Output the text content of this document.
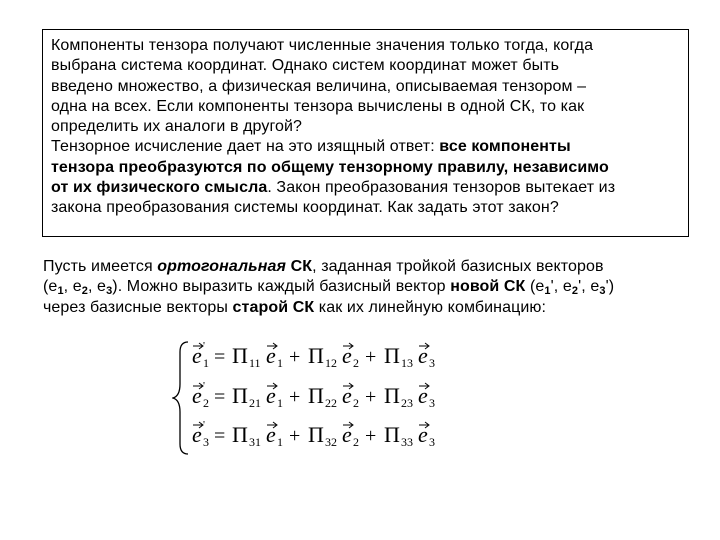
Компоненты тензора получают численные значения только тогда, когда
выбрана система координат. Однако систем координат может быть
введено множество, а физическая величина, описываемая тензором –
одна на всех. Если компоненты тензора вычислены в одной СК, то как
определить их аналоги в другой?
Тензорное исчисление дает на это изящный ответ: все компоненты
тензора преобразуются по общему тензорному правилу, независимо
от их физического смысла. Закон преобразования тензоров вытекает из
закона преобразования системы координат. Как задать этот закон?
Пусть имеется ортогональная СК, заданная тройкой базисных векторов
($e_1$, $e_2$, $e_3$). Можно выразить каждый базисный вектор новой СК ($e_1'$, $e_2'$, $e_3'$)
через базисные векторы старой СК как их линейную комбинацию:
e 1
' = Π 11 e 1 + Π 12 e 2 + Π 13 e 3
e 2
' = Π 21 e 1 + Π 22 e 2 + Π 23 e 3
e 3
' = Π 31 e 1 + Π 32 e 2 + Π 33 e 3
